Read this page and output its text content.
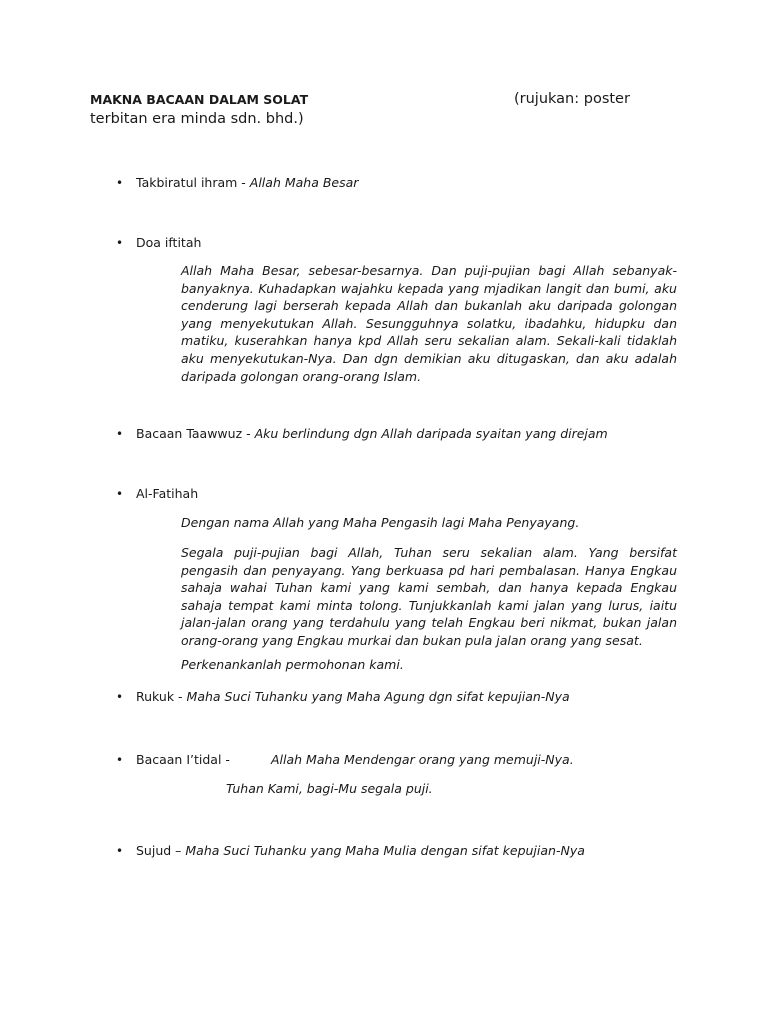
MAKNA BACAAN DALAM SOLAT	(rujukan: poster
terbitan era minda sdn. bhd.)
• Takbiratul ihram - Allah Maha Besar
• Doa iftitah
Allah Maha Besar, sebesar-besarnya. Dan puji-pujian bagi Allah sebanyak-banyaknya. Kuhadapkan wajahku kepada yang mjadikan langit dan bumi, aku cenderung lagi berserah kepada Allah dan bukanlah aku daripada golongan yang menyekutukan Allah. Sesungguhnya solatku, ibadahku, hidupku dan matiku, kuserahkan hanya kpd Allah seru sekalian alam. Sekali-kali tidaklah aku menyekutukan-Nya. Dan dgn demikian aku ditugaskan, dan aku adalah daripada golongan orang-orang Islam.
• Bacaan Taawwuz - Aku berlindung dgn Allah daripada syaitan yang direjam
• Al-Fatihah
Dengan nama Allah yang Maha Pengasih lagi Maha Penyayang.
Segala puji-pujian bagi Allah, Tuhan seru sekalian alam. Yang bersifat pengasih dan penyayang. Yang berkuasa pd hari pembalasan. Hanya Engkau sahaja wahai Tuhan kami yang kami sembah, dan hanya kepada Engkau sahaja tempat kami minta tolong. Tunjukkanlah kami jalan yang lurus, iaitu jalan-jalan orang yang terdahulu yang telah Engkau beri nikmat, bukan jalan orang-orang yang Engkau murkai dan bukan pula jalan orang yang sesat.
Perkenankanlah permohonan kami.
• Rukuk - Maha Suci Tuhanku yang Maha Agung dgn sifat kepujian-Nya
• Bacaan I’tidal -	Allah Maha Mendengar orang yang memuji-Nya.
Tuhan Kami, bagi-Mu segala puji.
• Sujud – Maha Suci Tuhanku yang Maha Mulia dengan sifat kepujian-Nya
